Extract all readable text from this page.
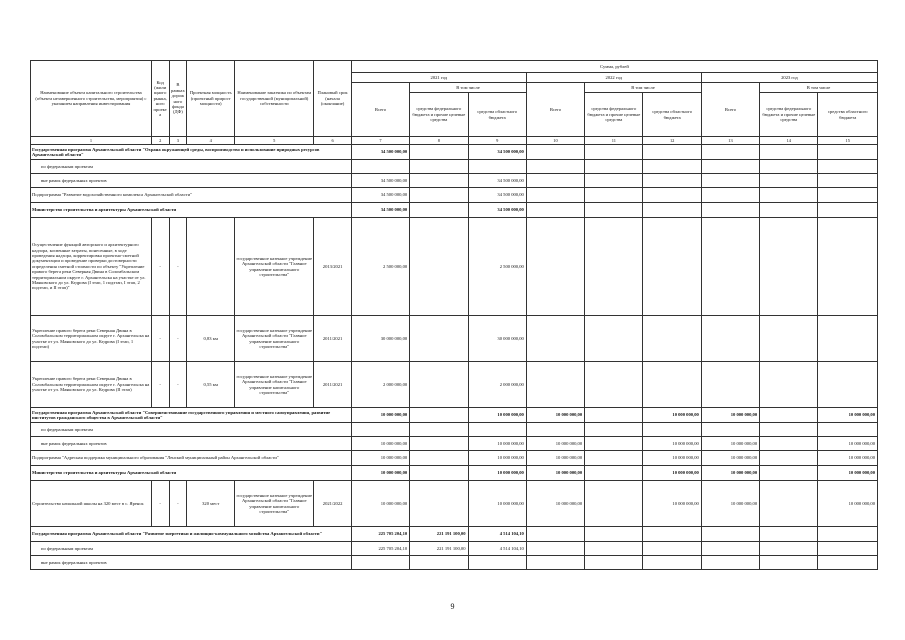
Наименование объекта капитального строительства (объекта незавершенного строительства, мероприятия) с указанием направления инвестирования	Код (жилищного рынка, ного проекта	В рамках дорож ного фонда (ДФ)	Проектная мощность (проектный прирост мощности)	Наименование заказчика по объектам государственной (муниципальной) собственности	Плановый срок (начала (окончание)	Сумма, рублей								
						2021 год			2022 год			2023 год		
						Всего	В том числе		Всего	В том числе		Всего	В том числе	
							средства федерального бюджета и прочие целевые средства	средства областного бюджета		средства федерального бюджета и прочие целевые средства	средства областного бюджета		средства федерального бюджета и прочие целевые средства	средства областного бюджета
1	2	3	4	5	6	7	8	9	10	11	12	13	14	15
Государственная программа Архангельской области "Охрана окружающей среды, воспроизводство и использование природных ресурсов Архангельской области"						34 500 000,00		34 500 000,00						
по федеральным проектам														
вне рамок федеральных проектов						34 500 000,00		34 500 000,00						
Подпрограмма "Развитие водохозяйственного комплекса Архангельской области"						34 500 000,00		34 500 000,00						
Министерство строительства и архитектуры Архангельской области						34 500 000,00		34 500 000,00						
Осуществление функций авторского и архитектурного надзора, косвенные затраты, понесенные, в ходе проведения надзора, корректировка проектно-сметной документации и проведение проверки достоверности определения сметной стоимости по объекту "Укрепление правого берега реки Северная Двина в Соломбальском территориальном округе г. Архангельска на участке от ул. Маяковского до ул. Кедрова (I этап, 1 подэтап, I этап, 2 подэтап, и II этап)"	-	-		государственное казенное учреждение Архангельской области "Главное управление капитального строительства"	2013/2021	2 500 000,00		2 500 000,00						
Укрепление правого берега реки Северная Двина в Соломбальском территориальном округе г. Архангельска на участке от ул. Маяковского до ул. Кедрова (I этап, 1 подэтап)	-	-	0,83 км	государственное казенное учреждение Архангельской области "Главное управление капитального строительства"	2011/2021	30 000 000,00		30 000 000,00						
Укрепление правого берега реки Северная Двина в Соломбальском территориальном округе г. Архангельска на участке от ул. Маяковского до ул. Кедрова (II этап)	-	-	0,55 км	государственное казенное учреждение Архангельской области "Главное управление капитального строительства"	2011/2021	2 000 000,00		2 000 000,00						
Государственная программа Архангельской области "Совершенствование государственного управления и местного самоуправления, развитие институтов гражданского общества в Архангельской области"						10 000 000,00		10 000 000,00	10 000 000,00		10 000 000,00	10 000 000,00		10 000 000,00
по федеральным проектам														
вне рамок федеральных проектов						10 000 000,00		10 000 000,00	10 000 000,00		10 000 000,00	10 000 000,00		10 000 000,00
Подпрограмма "Адресная поддержка муниципального образования "Ленский муниципальный район Архангельской области"						10 000 000,00		10 000 000,00	10 000 000,00		10 000 000,00	10 000 000,00		10 000 000,00
Министерство строительства и архитектуры Архангельской области						10 000 000,00		10 000 000,00	10 000 000,00		10 000 000,00	10 000 000,00		10 000 000,00
Строительство начальной школы на 320 мест в с. Яренск	-	-	320 мест	государственное казенное учреждение Архангельской области "Главное управление капитального строительства"	2021/2022	10 000 000,00		10 000 000,00	10 000 000,00		10 000 000,00	10 000 000,00		10 000 000,00
Государственная программа Архангельской области "Развитие энергетики и жилищно-коммунального хозяйства Архангельской области"						225 705 204,10	221 191 100,00	4 514 104,10						
по федеральным проектам						225 705 204,10	221 191 100,00	4 514 104,10						
вне рамок федеральных проектов														
9
